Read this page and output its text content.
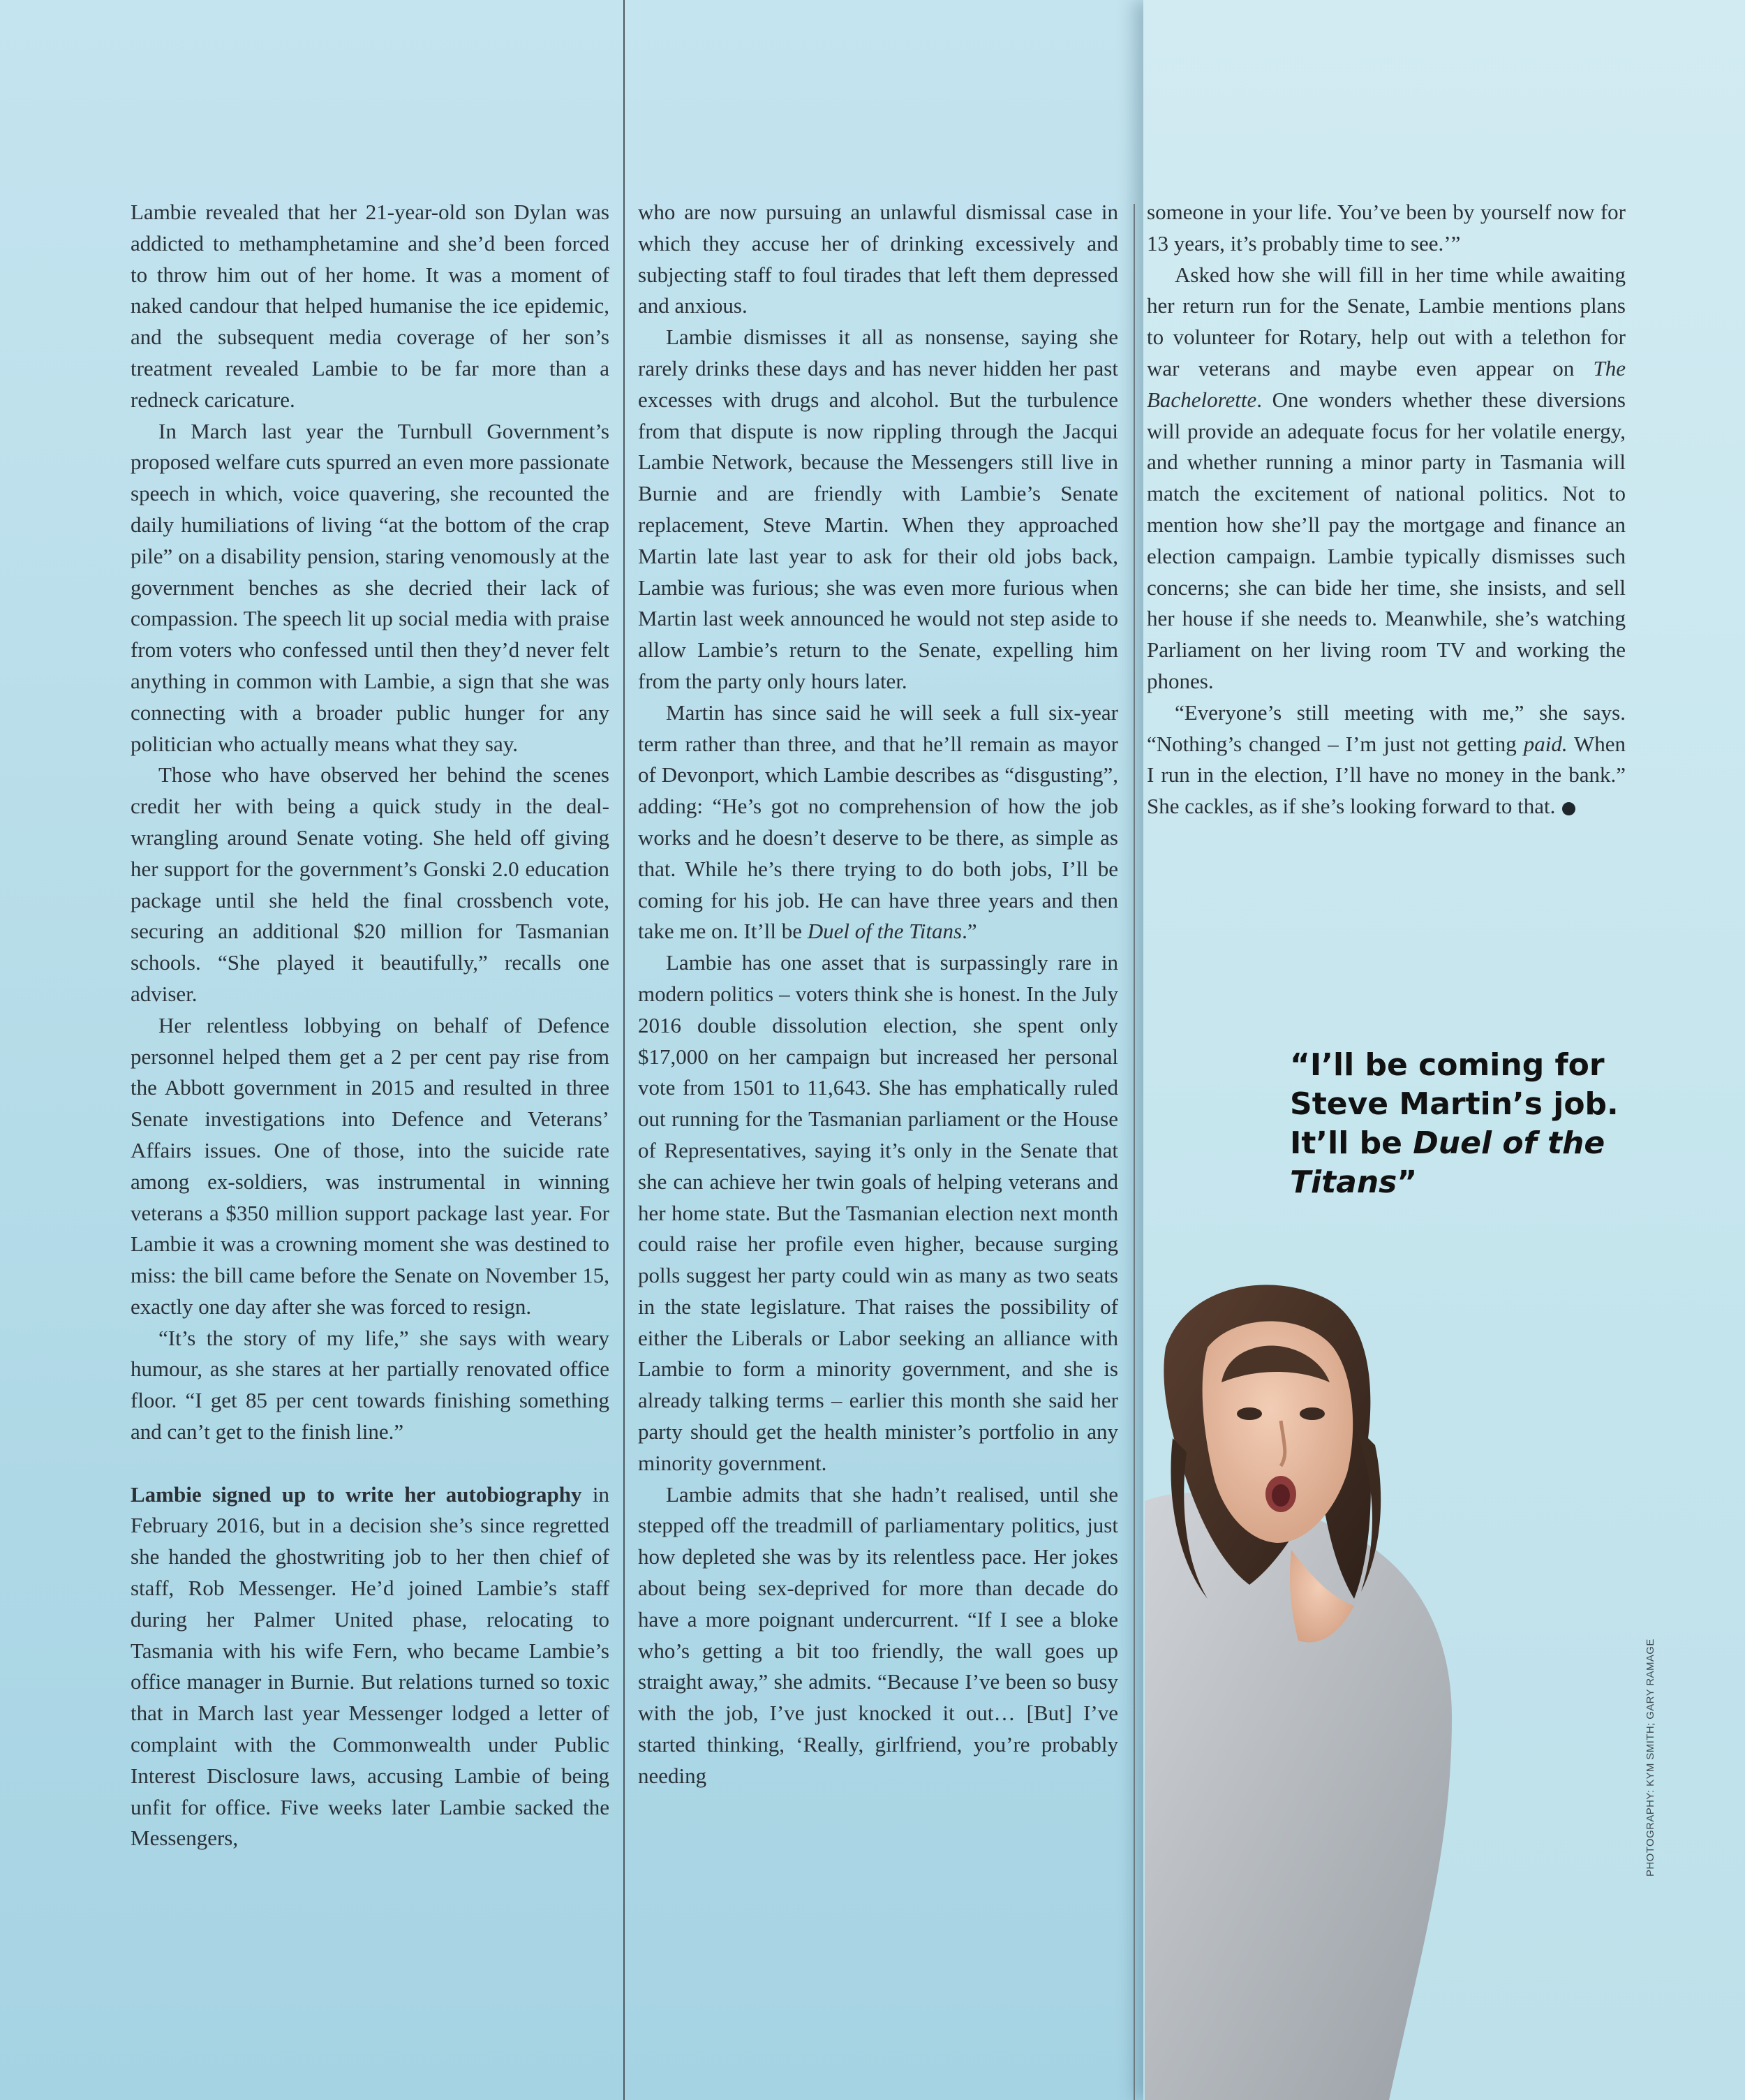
Lambie revealed that her 21-year-old son Dylan was addicted to methamphetamine and she’d been forced to throw him out of her home. It was a moment of naked candour that helped humanise the ice epidemic, and the subsequent media coverage of her son’s treatment revealed Lambie to be far more than a redneck caricature.

In March last year the Turnbull Government’s proposed welfare cuts spurred an even more passionate speech in which, voice quavering, she recounted the daily humiliations of living “at the bottom of the crap pile” on a disability pension, staring venomously at the government benches as she decried their lack of compassion. The speech lit up social media with praise from voters who confessed until then they’d never felt anything in common with Lambie, a sign that she was connecting with a broader public hunger for any politician who actually means what they say.

Those who have observed her behind the scenes credit her with being a quick study in the deal-wrangling around Senate voting. She held off giving her support for the government’s Gonski 2.0 education package until she held the final crossbench vote, securing an additional $20 million for Tasmanian schools. “She played it beautifully,” recalls one adviser.

Her relentless lobbying on behalf of Defence personnel helped them get a 2 per cent pay rise from the Abbott government in 2015 and resulted in three Senate investigations into Defence and Veterans’ Affairs issues. One of those, into the suicide rate among ex-soldiers, was instrumental in winning veterans a $350 million support package last year. For Lambie it was a crowning moment she was destined to miss: the bill came before the Senate on November 15, exactly one day after she was forced to resign.

“It’s the story of my life,” she says with weary humour, as she stares at her partially renovated office floor. “I get 85 per cent towards finishing something and can’t get to the finish line.”

Lambie signed up to write her autobiography in February 2016, but in a decision she’s since regretted she handed the ghostwriting job to her then chief of staff, Rob Messenger. He’d joined Lambie’s staff during her Palmer United phase, relocating to Tasmania with his wife Fern, who became Lambie’s office manager in Burnie. But relations turned so toxic that in March last year Messenger lodged a letter of complaint with the Commonwealth under Public Interest Disclosure laws, accusing Lambie of being unfit for office. Five weeks later Lambie sacked the Messengers,

who are now pursuing an unlawful dismissal case in which they accuse her of drinking excessively and subjecting staff to foul tirades that left them depressed and anxious.

Lambie dismisses it all as nonsense, saying she rarely drinks these days and has never hidden her past excesses with drugs and alcohol. But the turbulence from that dispute is now rippling through the Jacqui Lambie Network, because the Messengers still live in Burnie and are friendly with Lambie’s Senate replacement, Steve Martin. When they approached Martin late last year to ask for their old jobs back, Lambie was furious; she was even more furious when Martin last week announced he would not step aside to allow Lambie’s return to the Senate, expelling him from the party only hours later.

Martin has since said he will seek a full six-year term rather than three, and that he’ll remain as mayor of Devonport, which Lambie describes as “disgusting”, adding: “He’s got no comprehension of how the job works and he doesn’t deserve to be there, as simple as that. While he’s there trying to do both jobs, I’ll be coming for his job. He can have three years and then take me on. It’ll be Duel of the Titans.”

Lambie has one asset that is surpassingly rare in modern politics – voters think she is honest. In the July 2016 double dissolution election, she spent only $17,000 on her campaign but increased her personal vote from 1501 to 11,643. She has emphatically ruled out running for the Tasmanian parliament or the House of Representatives, saying it’s only in the Senate that she can achieve her twin goals of helping veterans and her home state. But the Tasmanian election next month could raise her profile even higher, because surging polls suggest her party could win as many as two seats in the state legislature. That raises the possibility of either the Liberals or Labor seeking an alliance with Lambie to form a minority government, and she is already talking terms – earlier this month she said her party should get the health minister’s portfolio in any minority government.

Lambie admits that she hadn’t realised, until she stepped off the treadmill of parliamentary politics, just how depleted she was by its relentless pace. Her jokes about being sex-deprived for more than decade do have a more poignant undercurrent. “If I see a bloke who’s getting a bit too friendly, the wall goes up straight away,” she admits. “Because I’ve been so busy with the job, I’ve just knocked it out… [But] I’ve started thinking, ‘Really, girlfriend, you’re probably needing

someone in your life. You’ve been by yourself now for 13 years, it’s probably time to see.’”

Asked how she will fill in her time while awaiting her return run for the Senate, Lambie mentions plans to volunteer for Rotary, help out with a telethon for war veterans and maybe even appear on The Bachelorette. One wonders whether these diversions will provide an adequate focus for her volatile energy, and whether running a minor party in Tasmania will match the excitement of national politics. Not to mention how she’ll pay the mortgage and finance an election campaign. Lambie typically dismisses such concerns; she can bide her time, she insists, and sell her house if she needs to. Meanwhile, she’s watching Parliament on her living room TV and working the phones.

“Everyone’s still meeting with me,” she says. “Nothing’s changed – I’m just not getting paid. When I run in the election, I’ll have no money in the bank.” She cackles, as if she’s looking forward to that.

“I’ll be coming for Steve Martin’s job. It’ll be Duel of the Titans”

PHOTOGRAPHY: KYM SMITH; GARY RAMAGE
